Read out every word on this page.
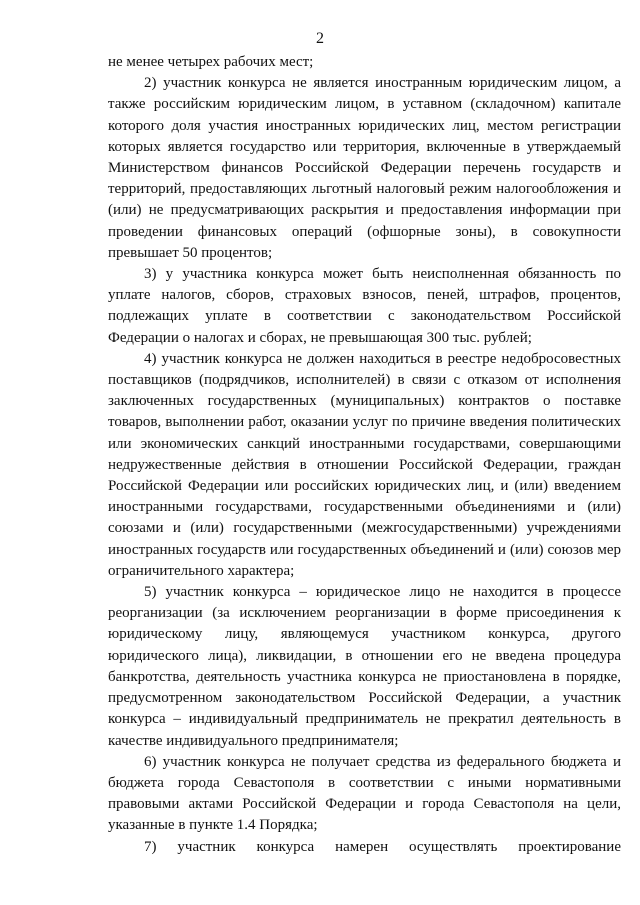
2

не менее четырех рабочих мест;

2) участник конкурса не является иностранным юридическим лицом, а также российским юридическим лицом, в уставном (складочном) капитале которого доля участия иностранных юридических лиц, местом регистрации которых является государство или территория, включенные в утверждаемый Министерством финансов Российской Федерации перечень государств и территорий, предоставляющих льготный налоговый режим налогообложения и (или) не предусматривающих раскрытия и предоставления информации при проведении финансовых операций (офшорные зоны), в совокупности превышает 50 процентов;

3) у участника конкурса может быть неисполненная обязанность по уплате налогов, сборов, страховых взносов, пеней, штрафов, процентов, подлежащих уплате в соответствии с законодательством Российской Федерации о налогах и сборах, не превышающая 300 тыс. рублей;

4) участник конкурса не должен находиться в реестре недобросовестных поставщиков (подрядчиков, исполнителей) в связи с отказом от исполнения заключенных государственных (муниципальных) контрактов о поставке товаров, выполнении работ, оказании услуг по причине введения политических или экономических санкций иностранными государствами, совершающими недружественные действия в отношении Российской Федерации, граждан Российской Федерации или российских юридических лиц, и (или) введением иностранными государствами, государственными объединениями и (или) союзами и (или) государственными (межгосударственными) учреждениями иностранных государств или государственных объединений и (или) союзов мер ограничительного характера;

5) участник конкурса – юридическое лицо не находится в процессе реорганизации (за исключением реорганизации в форме присоединения к юридическому лицу, являющемуся участником конкурса, другого юридического лица), ликвидации, в отношении его не введена процедура банкротства, деятельность участника конкурса не приостановлена в порядке, предусмотренном законодательством Российской Федерации, а участник конкурса – индивидуальный предприниматель не прекратил деятельность в качестве индивидуального предпринимателя;

6) участник конкурса не получает средства из федерального бюджета и бюджета города Севастополя в соответствии с иными нормативными правовыми актами Российской Федерации и города Севастополя на цели, указанные в пункте 1.4 Порядка;

7) участник конкурса намерен осуществлять проектирование
